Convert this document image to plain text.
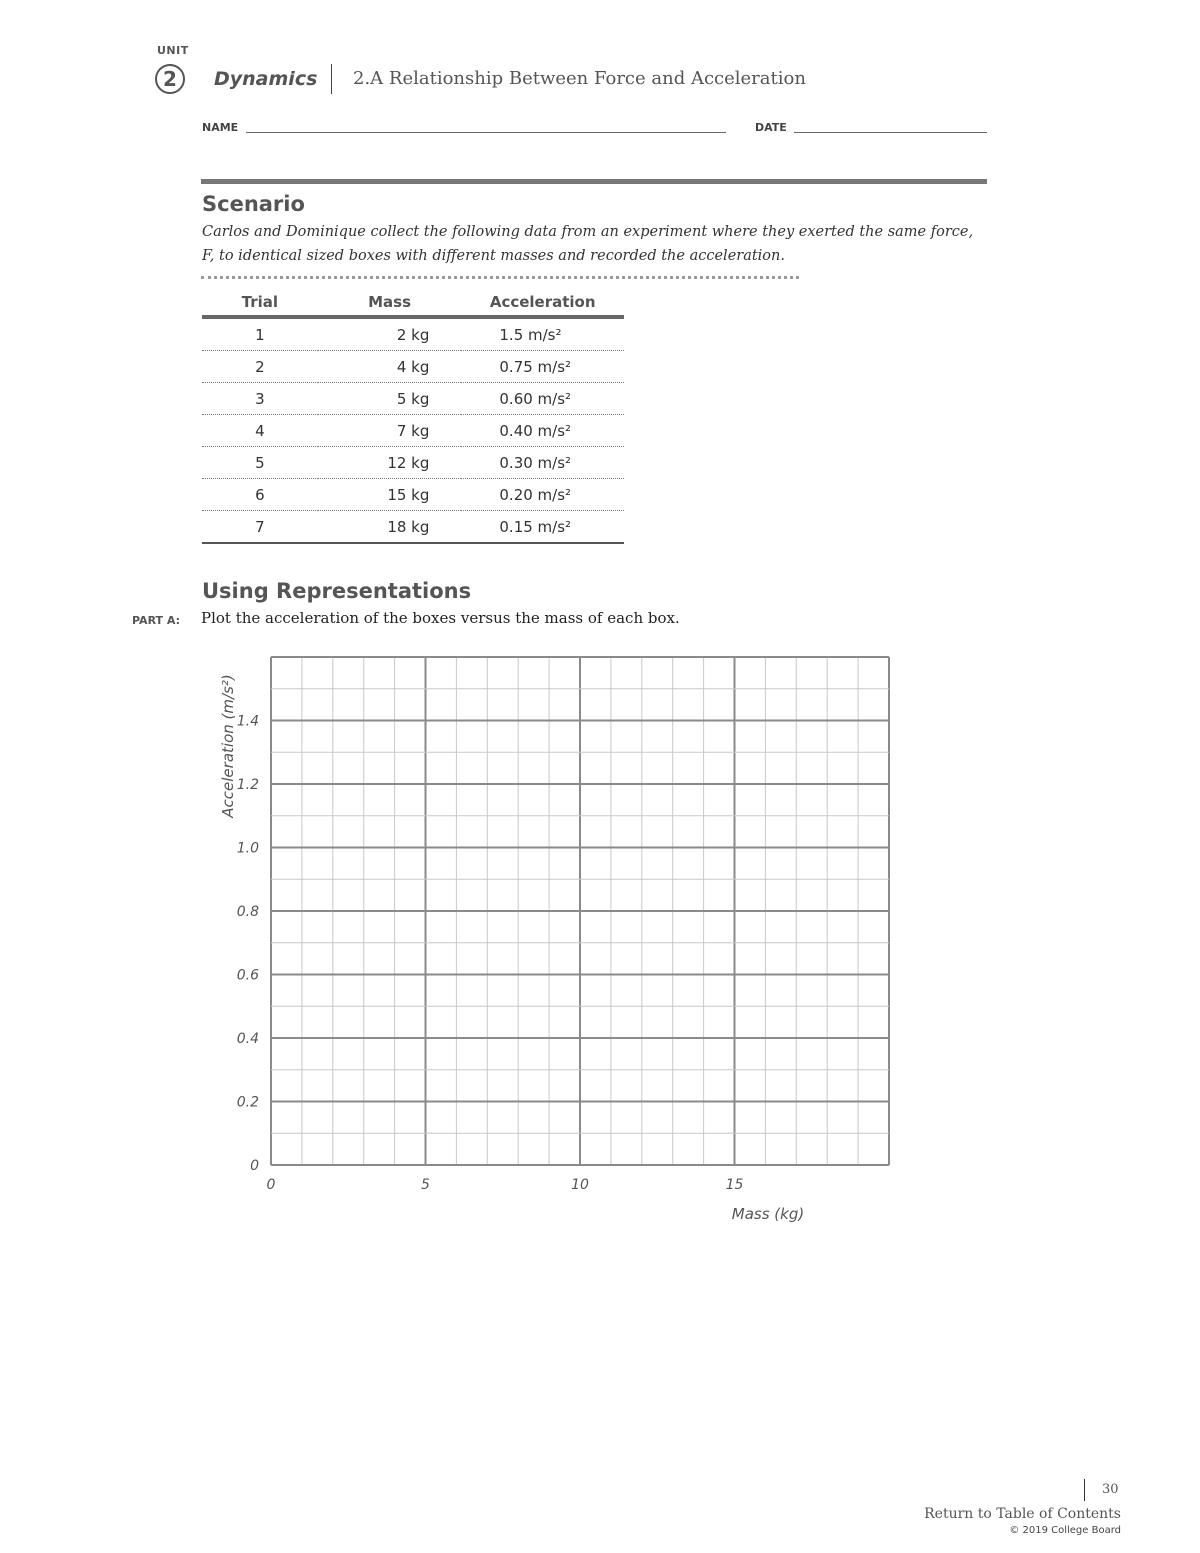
UNIT
2	Dynamics 2.A Relationship Between Force and Acceleration
NAME	DATE
Scenario
Carlos and Dominique collect the following data from an experiment where they exerted the same force,
F, to identical sized boxes with different masses and recorded the acceleration.
Trial	Mass	Acceleration
1	2 kg	1.5 m/s²
2	4 kg	0.75 m/s²
3	5 kg	0.60 m/s²
4	7 kg	0.40 m/s²
5	12 kg	0.30 m/s²
6	15 kg	0.20 m/s²
7	18 kg	0.15 m/s²
Using Representations
PART A: Plot the acceleration of the boxes versus the mass of each box.
0	5	10	15
0
0.2
0.4
0.6
0.8
1.0
1.2
1.4
Mass (kg)
Acceleration (m/s²)
30
Return to Table of Contents
© 2019 College Board
